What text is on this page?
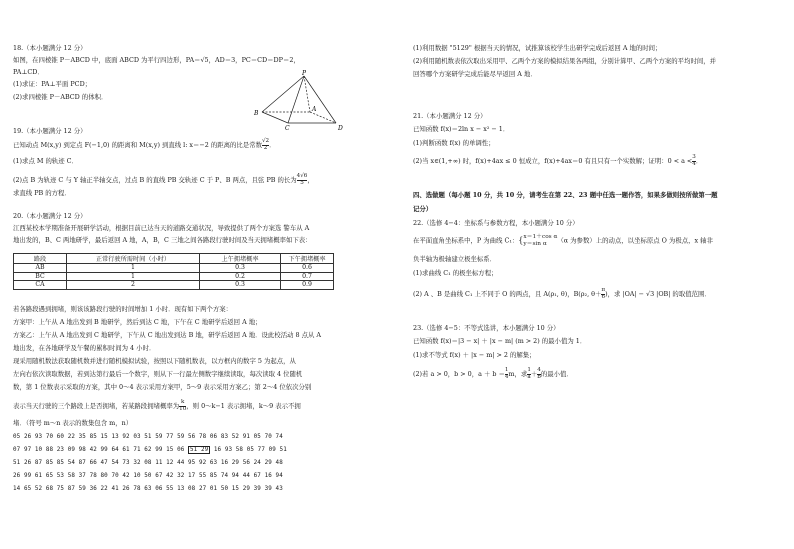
18.（本小题满分 12 分）
如图，在四棱锥 P－ABCD 中，底面 ABCD 为平行四边形，PA＝√5，AD＝3，PC＝CD＝DP＝2，
PA⊥CD．
(1)求证：PA⊥平面 PCD；
(2)求四棱锥 P－ABCD 的体积．
P
A
B
C	D
19.（本小题满分 12 分）
已知动点 M(x,y) 到定点 F(−1,0) 的距离和 M(x,y) 到直线 l: x＝−2 的距离的比是常数 $\frac{√2}{2}$ ．
(1)求点 M 的轨迹 C．
(2)点 B 为轨迹 C 与 Y 轴正半轴交点，过点 B 的直线 PB 交轨迹 C 于 P、B 两点，且弦 PB 的长为 $\frac{4√6}{5}$ ，
求直线 PB 的方程．
20.（本小题满分 12 分）
江西某校本学期准备开展研学活动，根据目前已达当天的道路交通状况，导致提供了两个方案选 警车从 A
地出发的，B、C 两地研学，最后返回 A 地，A，B，C 三地之间各路段行驶时间及当天拥堵概率如下表：
路段	正常行驶所需时间（小时）	上午拥堵概率	下午拥堵概率
AB	1	0.3	0.6
BC	1	0.2	0.7
CA	2	0.3	0.9
若各路段遇到拥堵，则该该路段行驶的时间增加 1 小时．现有如下两个方案：
方案甲：上午从 A 地出发到 B 地研学，然后到达 C 地，下午在 C 地研学后返回 A 地；
方案乙：上午从 A 地出发到 C 地研学，下午从 C 地出发到达 B 地，研学后返回 A 地．设此校活动 8 点从 A
地出发，在各地研学及午餐的累积时间为 4 小时．
现采用随机数法获取随机数并进行随机模拟试验，按照以下随机数表，以方框内的数字 5 为起点，从
左向右依次读取数据，若到达第行最后一个数字，则从下一行最左侧数字继续读取，每次读取 4 位随机
数，第 1 位数表示采取的方案，其中 0～4 表示采用方案甲，5～9 表示采用方案乙；第 2～4 位依次分别
表示当天行驶的三个路段上是否拥堵，若某路段拥堵概率为 $\frac{k}{10}$ ，则 0～k−1 表示拥堵，k～9 表示不拥
堵．（符号 m～n 表示的数集包含 m，n）
05 26 93 70 60 22 35 85 15 13 92 03 51 59 77 59 56 78 06 83 52 91 05 70 74
07 97 10 88 23 09 98 42 99 64 61 71 62 99 15 06 51 29 16 93 58 05 77 09 51
51 26 87 85 85 54 87 66 47 54 73 32 08 11 12 44 95 92 63 16 29 56 24 29 48
26 99 61 65 53 58 37 78 80 70 42 10 50 67 42 32 17 55 85 74 94 44 67 16 94
14 65 52 68 75 87 59 36 22 41 26 78 63 06 55 13 08 27 01 50 15 29 39 39 43
(1)利用数据 "5129" 根据当天的情况，试推算该校学生出研学完成后返回 A 地的时间；
(2)利用随机数表依次取出采用甲、乙两个方案的模拟结果各两组，分别计算甲、乙两个方案的平均时间，并
回答哪个方案研学完成后能尽早返回 A 地．
21.（本小题满分 12 分）
已知函数 f(x)＝2ln x − x² − 1．
(1)判断函数 f(x) 的单调性；
(2)当 x∈(1,+∞) 时，f(x)+4ax ≤ 0 恒成立，f(x)+4ax＝0 有且只有一个实数解；证明：$0 < a < \frac{3}{4}$ ．
四、选做题（每小题 10 分，共 10 分，请考生在第 22、23 题中任选一题作答，如果多做则按所做第一题
记分）
22.（选修 4−4：坐标系与参数方程，本小题满分 10 分）
在平面直角坐标系中，P 为曲线 C₁：{ x＝1＋cos α
y＝sin α	（α 为参数）上的动点，以坐标原点 O 为极点，x 轴非
负半轴为极轴建立极坐标系．
(1)求曲线 C₁ 的极坐标方程；
(2) A 、B 是曲线 C₁ 上不同于 O 的两点，且 A(ρ₁, θ)，B(ρ₂, $\theta+ \frac{\pi}{6}$ )，求 |OA| − √3 |OB| 的取值范围．
23.（选修 4−5：不等式选讲，本小题满分 10 分）
已知函数 f(x)＝|3 − x| ＋ |x − m| (m > 2) 的最小值为 1．
(1)求不等式 f(x) ＋ |x − m| > 2 的解集；
(2)若 a > 0，b > 0，$a + b = \frac{1}{4}$ m，求 $\frac{1}{a} + \frac{4}{b}$ 的最小值．
